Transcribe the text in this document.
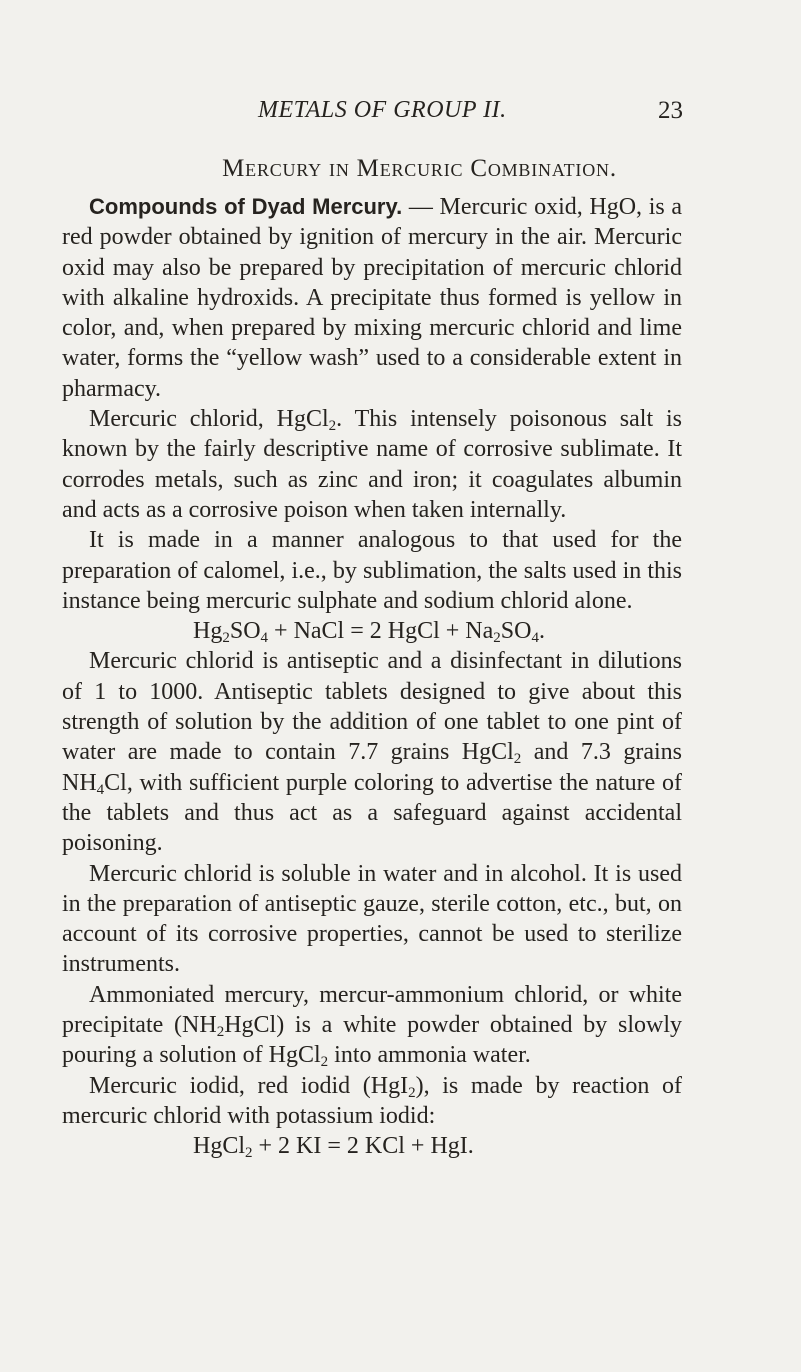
METALS OF GROUP II.	23
Mercury in Mercuric Combination.

Compounds of Dyad Mercury. — Mercuric oxid, HgO, is a red powder obtained by ignition of mercury in the air. Mercuric oxid may also be prepared by precipitation of mercuric chlorid with alkaline hydroxids. A precipitate thus formed is yellow in color, and, when prepared by mixing mercuric chlorid and lime water, forms the “yellow wash” used to a considerable extent in pharmacy.

Mercuric chlorid, HgCl$_2$. This intensely poisonous salt is known by the fairly descriptive name of corrosive sublimate. It corrodes metals, such as zinc and iron; it coagulates albumin and acts as a corrosive poison when taken internally.

It is made in a manner analogous to that used for the preparation of calomel, i.e., by sublimation, the salts used in this instance being mercuric sulphate and sodium chlorid alone.

$Hg_2SO_4$ + NaCl = 2 HgCl + $Na_2SO_4$.

Mercuric chlorid is antiseptic and a disinfectant in dilutions of 1 to 1000. Antiseptic tablets designed to give about this strength of solution by the addition of one tablet to one pint of water are made to contain 7.7 grains HgCl$_2$ and 7.3 grains $NH_4Cl$, with sufficient purple coloring to advertise the nature of the tablets and thus act as a safeguard against accidental poisoning.

Mercuric chlorid is soluble in water and in alcohol. It is used in the preparation of antiseptic gauze, sterile cotton, etc., but, on account of its corrosive properties, cannot be used to sterilize instruments.

Ammoniated mercury, mercur-ammonium chlorid, or white precipitate $(NH_2HgCl)$ is a white powder obtained by slowly pouring a solution of HgCl$_2$ into ammonia water.

Mercuric iodid, red iodid (HgI$_2$), is made by reaction of mercuric chlorid with potassium iodid:

HgCl$_2$ + 2 KI = 2 KCl + HgI.
